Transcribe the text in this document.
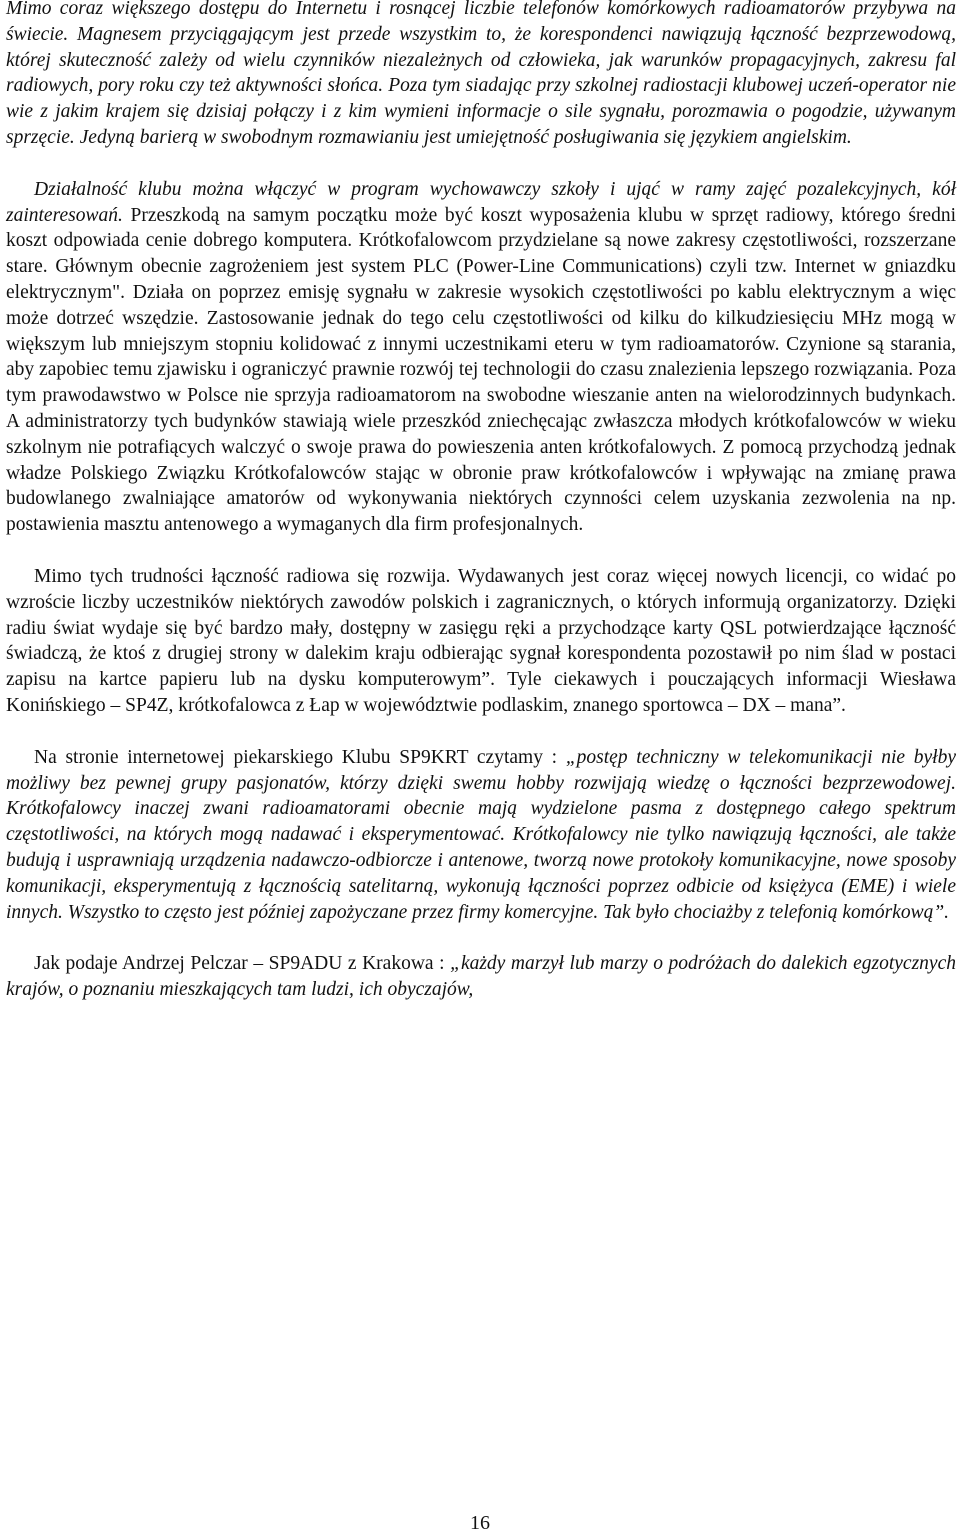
Mimo coraz większego dostępu do Internetu i rosnącej liczbie telefonów komórkowych radioamatorów przybywa na świecie. Magnesem przyciągającym jest przede wszystkim to, że korespondenci nawiązują łączność bezprzewodową, której skuteczność zależy od wielu czynników niezależnych od człowieka, jak warunków propagacyjnych, zakresu fal radiowych, pory roku czy też aktywności słońca. Poza tym siadając przy szkolnej radiostacji klubowej uczeń-operator nie wie z jakim krajem się dzisiaj połączy i z kim wymieni informacje o sile sygnału, porozmawia o pogodzie, używanym sprzęcie. Jedyną barierą w swobodnym rozmawianiu jest umiejętność posługiwania się językiem angielskim.

Działalność klubu można włączyć w program wychowawczy szkoły i ująć w ramy zajęć pozalekcyjnych, kół zainteresowań. Przeszkodą na samym początku może być koszt wyposażenia klubu w sprzęt radiowy, którego średni koszt odpowiada cenie dobrego komputera. Krótkofalowcom przydzielane są nowe zakresy częstotliwości, rozszerzane stare. Głównym obecnie zagrożeniem jest system PLC (Power-Line Communications) czyli tzw. Internet w gniazdku elektrycznym". Działa on poprzez emisję sygnału w zakresie wysokich częstotliwości po kablu elektrycznym a więc może dotrzeć wszędzie. Zastosowanie jednak do tego celu częstotliwości od kilku do kilkudziesięciu MHz mogą w większym lub mniejszym stopniu kolidować z innymi uczestnikami eteru w tym radioamatorów. Czynione są starania, aby zapobiec temu zjawisku i ograniczyć prawnie rozwój tej technologii do czasu znalezienia lepszego rozwiązania. Poza tym prawodawstwo w Polsce nie sprzyja radioamatorom na swobodne wieszanie anten na wielorodzinnych budynkach. A administratorzy tych budynków stawiają wiele przeszkód zniechęcając zwłaszcza młodych krótkofalowców w wieku szkolnym nie potrafiących walczyć o swoje prawa do powieszenia anten krótkofalowych. Z pomocą przychodzą jednak władze Polskiego Związku Krótkofalowców stając w obronie praw krótkofalowców i wpływając na zmianę prawa budowlanego zwalniające amatorów od wykonywania niektórych czynności celem uzyskania zezwolenia na np. postawienia masztu antenowego a wymaganych dla firm profesjonalnych.

Mimo tych trudności łączność radiowa się rozwija. Wydawanych jest coraz więcej nowych licencji, co widać po wzroście liczby uczestników niektórych zawodów polskich i zagranicznych, o których informują organizatorzy. Dzięki radiu świat wydaje się być bardzo mały, dostępny w zasięgu ręki a przychodzące karty QSL potwierdzające łączność świadczą, że ktoś z drugiej strony w dalekim kraju odbierając sygnał korespondenta pozostawił po nim ślad w postaci zapisu na kartce papieru lub na dysku komputerowym”. Tyle ciekawych i pouczających informacji Wiesława Konińskiego – SP4Z, krótkofalowca z Łap w województwie podlaskim, znanego sportowca – DX – mana”.

Na stronie internetowej piekarskiego Klubu SP9KRT czytamy : „postęp techniczny w telekomunikacji nie byłby możliwy bez pewnej grupy pasjonatów, którzy dzięki swemu hobby rozwijają wiedzę o łączności bezprzewodowej. Krótkofalowcy inaczej zwani radioamatorami obecnie mają wydzielone pasma z dostępnego całego spektrum częstotliwości, na których mogą nadawać i eksperymentować. Krótkofalowcy nie tylko nawiązują łączności, ale także budują i usprawniają urządzenia nadawczo-odbiorcze i antenowe, tworzą nowe protokoły komunikacyjne, nowe sposoby komunikacji, eksperymentują z łącznością satelitarną, wykonują łączności poprzez odbicie od księżyca (EME) i wiele innych. Wszystko to często jest później zapożyczane przez firmy komercyjne. Tak było chociażby z telefonią komórkową”.

Jak podaje Andrzej Pelczar – SP9ADU z Krakowa : „każdy marzył lub marzy o podróżach do dalekich egzotycznych krajów, o poznaniu mieszkających tam ludzi, ich obyczajów,

16
